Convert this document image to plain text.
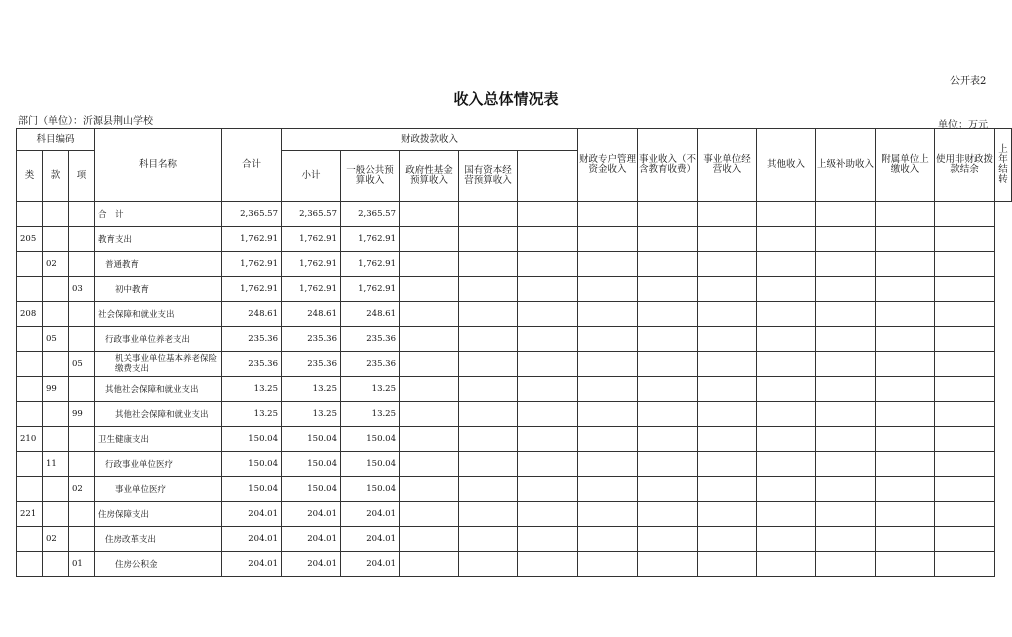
公开表2
收入总体情况表
部门（单位）：沂源县荆山学校	单位：万元
科目编码			科目名称	合计	财政拨款收入					财政专户管理资金收入	事业收入（不含教育收费）	事业单位经营收入	其他收入	上级补助收入	附属单位上缴收入	使用非财政拨款结余	上年结转
类	款	项			小计	一般公共预算收入	政府性基金预算收入	国有资本经营预算收入									
			合　计	2,365.57	2,365.57	2,365.57											
205			教育支出	1,762.91	1,762.91	1,762.91											
	02		普通教育	1,762.91	1,762.91	1,762.91											
		03	初中教育	1,762.91	1,762.91	1,762.91											
208			社会保障和就业支出	248.61	248.61	248.61											
	05		行政事业单位养老支出	235.36	235.36	235.36											
		05	机关事业单位基本养老保险缴费支出	235.36	235.36	235.36											
	99		其他社会保障和就业支出	13.25	13.25	13.25											
		99	其他社会保障和就业支出	13.25	13.25	13.25											
210			卫生健康支出	150.04	150.04	150.04											
	11		行政事业单位医疗	150.04	150.04	150.04											
		02	事业单位医疗	150.04	150.04	150.04											
221			住房保障支出	204.01	204.01	204.01											
	02		住房改革支出	204.01	204.01	204.01											
		01	住房公积金	204.01	204.01	204.01											
